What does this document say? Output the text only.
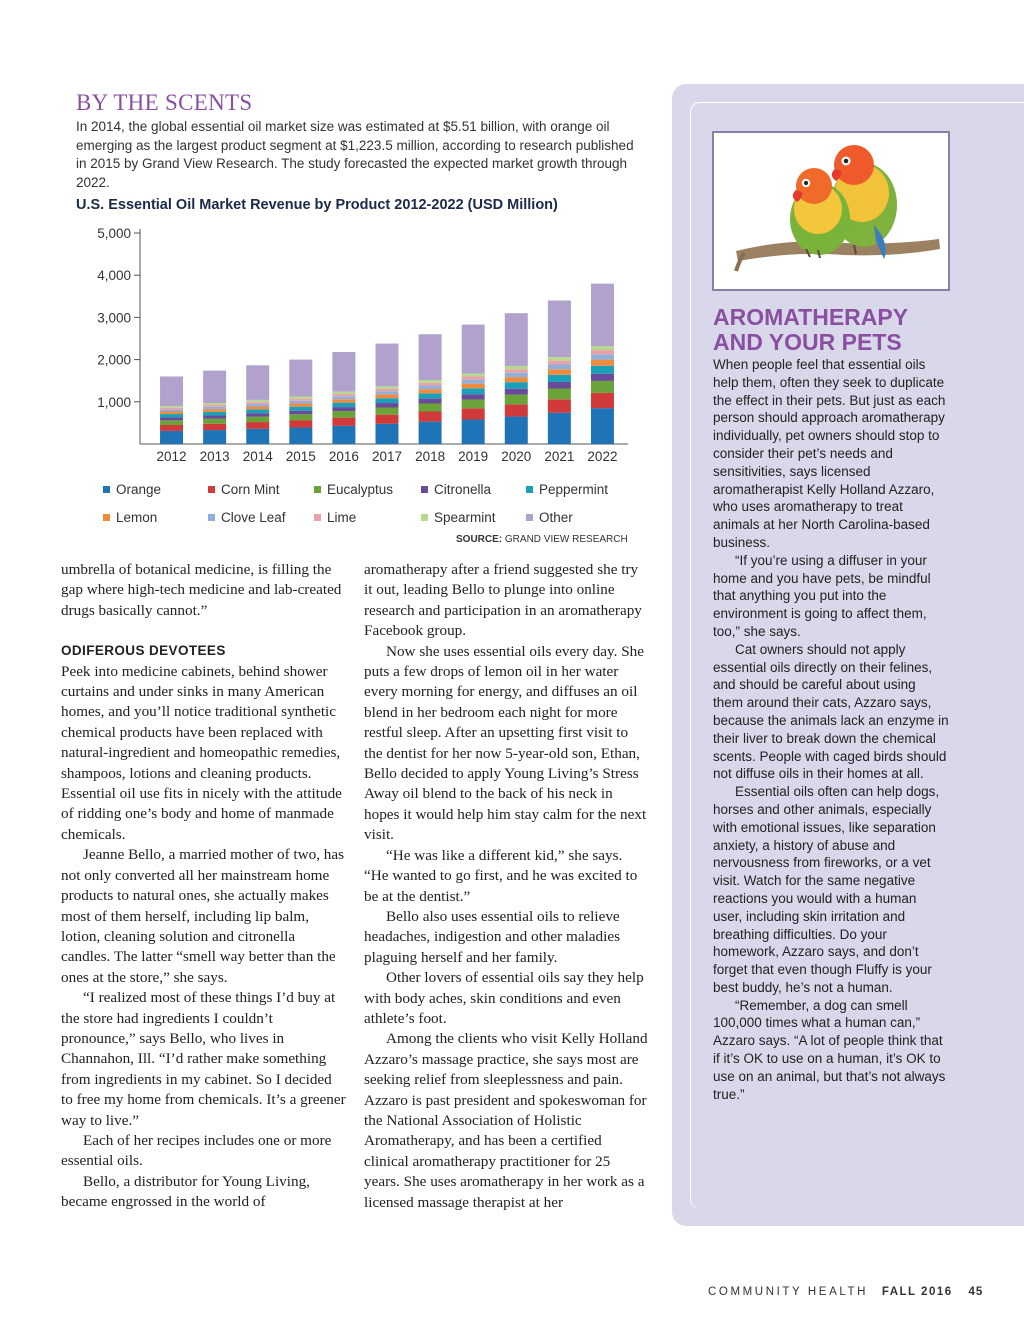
BY THE SCENTS
In 2014, the global essential oil market size was estimated at $5.51 billion, with orange oil emerging as the largest product segment at $1,223.5 million, according to research published in 2015 by Grand View Research. The study forecasted the expected market growth through 2022.
U.S. Essential Oil Market Revenue by Product 2012-2022 (USD Million)
1,000
2,000
3,000
4,000
5,000
2012 2013 2014 2015 2016 2017 2018 2019 2020 2021 2022
Orange	Corn Mint	Eucalyptus	Citronella	Peppermint
Lemon	Clove Leaf	Lime	Spearmint	Other
SOURCE: GRAND VIEW RESEARCH

umbrella of botanical medicine, is filling the gap where high-tech medicine and lab-created drugs basically cannot.”

ODIFEROUS DEVOTEES

Peek into medicine cabinets, behind shower curtains and under sinks in many American homes, and you’ll notice traditional synthetic chemical products have been replaced with natural-ingredient and homeopathic remedies, shampoos, lotions and cleaning products. Essential oil use fits in nicely with the attitude of ridding one’s body and home of manmade chemicals.

Jeanne Bello, a married mother of two, has not only converted all her mainstream home products to natural ones, she actually makes most of them herself, including lip balm, lotion, cleaning solution and citronella candles. The latter “smell way better than the ones at the store,” she says.

“I realized most of these things I’d buy at the store had ingredients I couldn’t pronounce,” says Bello, who lives in Channahon, Ill. “I’d rather make something from ingredients in my cabinet. So I decided to free my home from chemicals. It’s a greener way to live.”

Each of her recipes includes one or more essential oils.

Bello, a distributor for Young Living, became engrossed in the world of

aromatherapy after a friend suggested she try it out, leading Bello to plunge into online research and participation in an aromatherapy Facebook group.

Now she uses essential oils every day. She puts a few drops of lemon oil in her water every morning for energy, and diffuses an oil blend in her bedroom each night for more restful sleep. After an upsetting first visit to the dentist for her now 5-year-old son, Ethan, Bello decided to apply Young Living’s Stress Away oil blend to the back of his neck in hopes it would help him stay calm for the next visit.

“He was like a different kid,” she says. “He wanted to go first, and he was excited to be at the dentist.”

Bello also uses essential oils to relieve headaches, indigestion and other maladies plaguing herself and her family.

Other lovers of essential oils say they help with body aches, skin conditions and even athlete’s foot.

Among the clients who visit Kelly Holland Azzaro’s massage practice, she says most are seeking relief from sleeplessness and pain. Azzaro is past president and spokeswoman for the National Association of Holistic Aromatherapy, and has been a certified clinical aromatherapy practitioner for 25 years. She uses aromatherapy in her work as a licensed massage therapist at her

AROMATHERAPY AND YOUR PETS

When people feel that essential oils help them, often they seek to duplicate the effect in their pets. But just as each person should approach aromatherapy individually, pet owners should stop to consider their pet’s needs and sensitivities, says licensed aromatherapist Kelly Holland Azzaro, who uses aromatherapy to treat animals at her North Carolina-based business.

“If you’re using a diffuser in your home and you have pets, be mindful that anything you put into the environment is going to affect them, too,” she says.

Cat owners should not apply essential oils directly on their felines, and should be careful about using them around their cats, Azzaro says, because the animals lack an enzyme in their liver to break down the chemical scents. People with caged birds should not diffuse oils in their homes at all.

Essential oils often can help dogs, horses and other animals, especially with emotional issues, like separation anxiety, a history of abuse and nervousness from fireworks, or a vet visit. Watch for the same negative reactions you would with a human user, including skin irritation and breathing difficulties. Do your homework, Azzaro says, and don’t forget that even though Fluffy is your best buddy, he’s not a human.

“Remember, a dog can smell 100,000 times what a human can,” Azzaro says. “A lot of people think that if it’s OK to use on a human, it’s OK to use on an animal, but that’s not always true.”

COMMUNITY HEALTH FALL 2016 45
